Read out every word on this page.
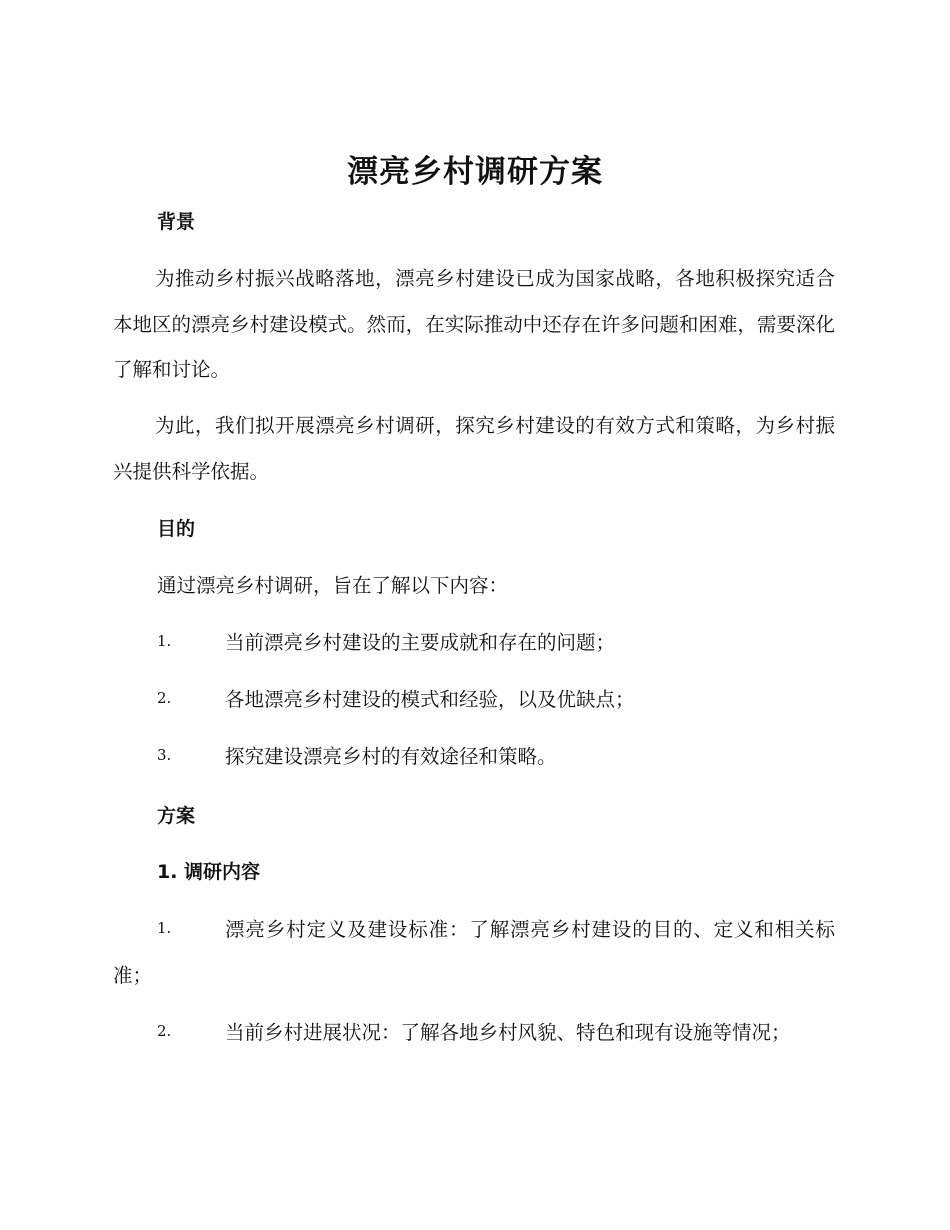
漂亮乡村调研方案
背景

为推动乡村振兴战略落地，漂亮乡村建设已成为国家战略，各地积极探究适合本地区的漂亮乡村建设模式。然而，在实际推动中还存在许多问题和困难，需要深化了解和讨论。

为此，我们拟开展漂亮乡村调研，探究乡村建设的有效方式和策略，为乡村振兴提供科学依据。

目的

通过漂亮乡村调研，旨在了解以下内容：

1.	当前漂亮乡村建设的主要成就和存在的问题；

2.	各地漂亮乡村建设的模式和经验，以及优缺点；

3.	探究建设漂亮乡村的有效途径和策略。

方案
1. 调研内容
1.	漂亮乡村定义及建设标准：了解漂亮乡村建设的目的、定义和相关标准；

2.	当前乡村进展状况：了解各地乡村风貌、特色和现有设施等情况；
